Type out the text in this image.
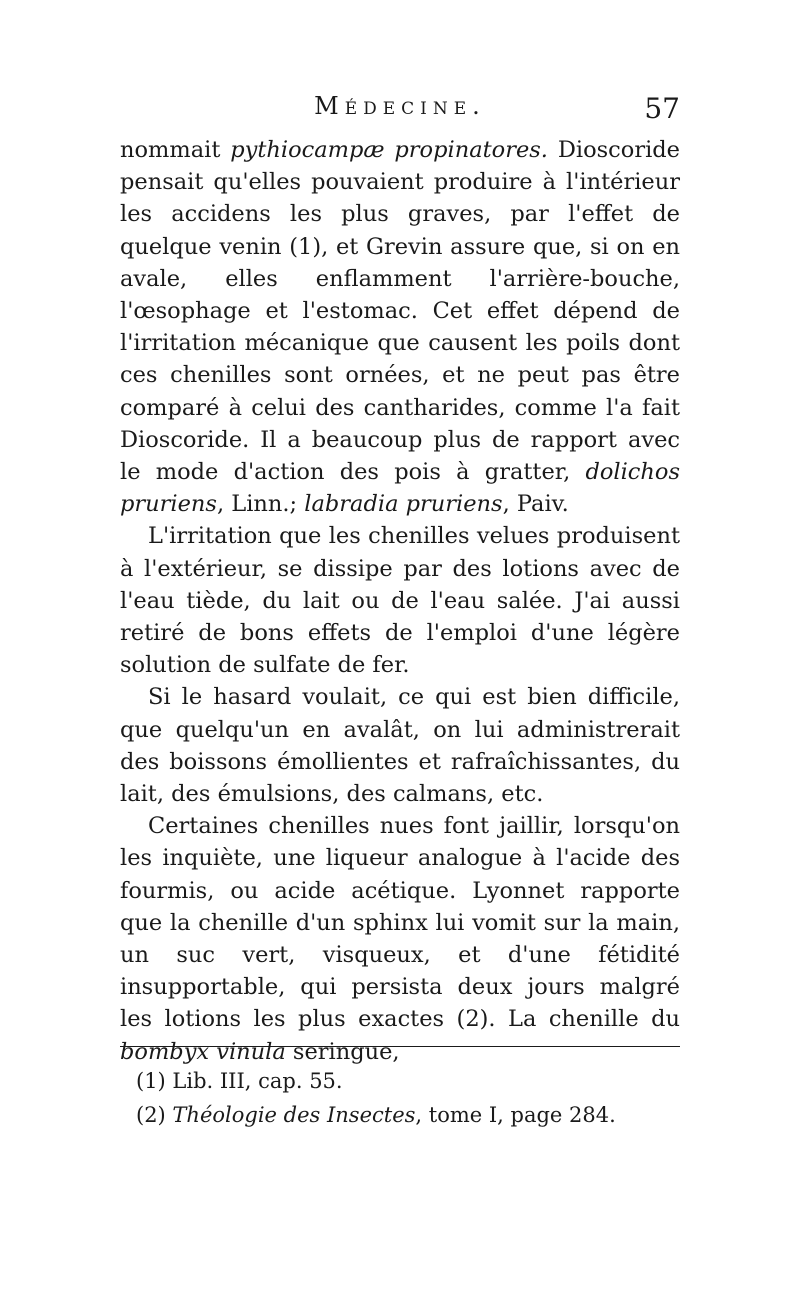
Médecine.	57

nommait pythiocampæ propinatores. Dioscoride pensait qu'elles pouvaient produire à l'intérieur les accidens les plus graves, par l'effet de quelque venin (1), et Grevin assure que, si on en avale, elles enflamment l'arrière-bouche, l'œsophage et l'estomac. Cet effet dépend de l'irritation mécanique que causent les poils dont ces chenilles sont ornées, et ne peut pas être comparé à celui des cantharides, comme l'a fait Dioscoride. Il a beaucoup plus de rapport avec le mode d'action des pois à gratter, dolichos pruriens, Linn.; labradia pruriens, Paiv.

L'irritation que les chenilles velues produisent à l'extérieur, se dissipe par des lotions avec de l'eau tiède, du lait ou de l'eau salée. J'ai aussi retiré de bons effets de l'emploi d'une légère solution de sulfate de fer.

Si le hasard voulait, ce qui est bien difficile, que quelqu'un en avalât, on lui administrerait des boissons émollientes et rafraîchissantes, du lait, des émulsions, des calmans, etc.

Certaines chenilles nues font jaillir, lorsqu'on les inquiète, une liqueur analogue à l'acide des fourmis, ou acide acétique. Lyonnet rapporte que la chenille d'un sphinx lui vomit sur la main, un suc vert, visqueux, et d'une fétidité insupportable, qui persista deux jours malgré les lotions les plus exactes (2). La chenille du bombyx vinula seringue,

(1) Lib. III, cap. 55.

(2) Théologie des Insectes, tome I, page 284.
